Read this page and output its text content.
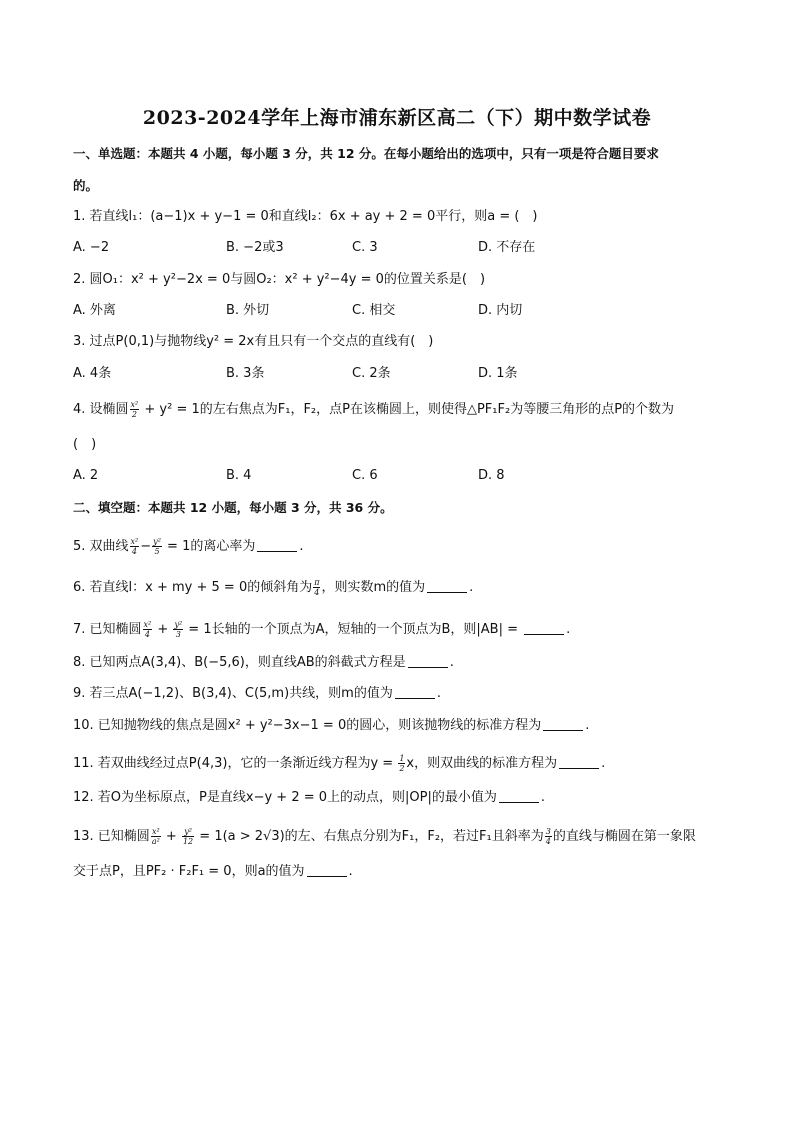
2023-2024学年上海市浦东新区高二（下）期中数学试卷
一、单选题：本题共 4 小题，每小题 3 分，共 12 分。在每小题给出的选项中，只有一项是符合题目要求
的。
1. 若直线l₁：(a−1)x + y−1 = 0和直线l₂：6x + ay + 2 = 0平行，则a = (　)
A. −2	B. −2或3	C. 3	D. 不存在
2. 圆O₁：x² + y²−2x = 0与圆O₂：x² + y²−4y = 0的位置关系是(　)
A. 外离	B. 外切	C. 相交	D. 内切
3. 过点P(0,1)与抛物线y² = 2x有且只有一个交点的直线有(　)
A. 4条	B. 3条	C. 2条	D. 1条
4. 设椭圆 $\frac{\text{x²}}{2} + y^2 = 1$的左右焦点为F₁，F₂，点P在该椭圆上，则使得△PF₁F₂为等腰三角形的点P的个数为
(　)
A. 2	B. 4	C. 6	D. 8
二、填空题：本题共 12 小题，每小题 3 分，共 36 分。
5. 双曲线 $\frac{\text{x²}}{4} - \frac{\text{y²}}{5} = 1$的离心率为	.
6. 若直线l：x + my + 5 = 0的倾斜角为 $\frac{\pi}{4}$ ，则实数m的值为	.
7. 已知椭圆 $\frac{\text{x²}}{4} + \frac{\text{y²}}{3} = 1$长轴的一个顶点为A，短轴的一个顶点为B，则|AB| =	.
8. 已知两点A(3,4)、B(−5,6)，则直线AB的斜截式方程是	.
9. 若三点A(−1,2)、B(3,4)、C(5,m)共线，则m的值为	.
10. 已知抛物线的焦点是圆x² + y²−3x−1 = 0的圆心，则该抛物线的标准方程为	.
11. 若双曲线经过点P(4,3)，它的一条渐近线方程为$y = \frac{1}{2}$ x，则双曲线的标准方程为	.
12. 若O为坐标原点，P是直线x−y + 2 = 0上的动点，则|OP|的最小值为	.
13. 已知椭圆 $\frac{\text{x²}}{\text{a²}} + \frac{\text{y²}}{12} = 1(a > 2√3)$的左、右焦点分别为F₁，F₂，若过F₁且斜率为 $\frac{3}{4}$ 的直线与椭圆在第一象限
交于点P，且PF₂ · F₂F₁ = 0，则a的值为	.
